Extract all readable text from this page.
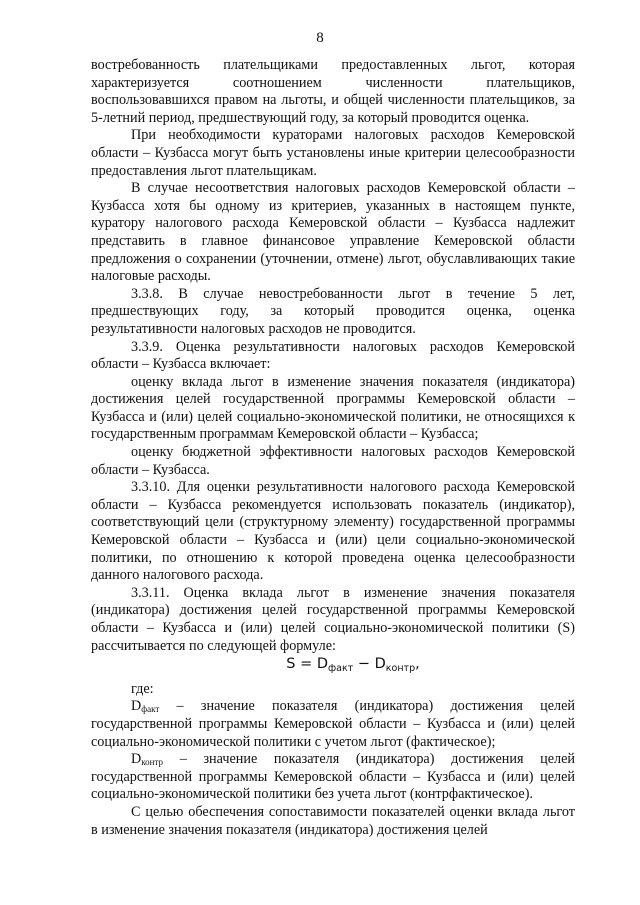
8

востребованность плательщиками предоставленных льгот, которая характеризуется соотношением численности плательщиков, воспользовавшихся правом на льготы, и общей численности плательщиков, за 5-летний период, предшествующий году, за который проводится оценка.

При необходимости кураторами налоговых расходов Кемеровской области – Кузбасса могут быть установлены иные критерии целесообразности предоставления льгот плательщикам.

В случае несоответствия налоговых расходов Кемеровской области – Кузбасса хотя бы одному из критериев, указанных в настоящем пункте, куратору налогового расхода Кемеровской области – Кузбасса надлежит представить в главное финансовое управление Кемеровской области предложения о сохранении (уточнении, отмене) льгот, обуславливающих такие налоговые расходы.

3.3.8. В случае невостребованности льгот в течение 5 лет, предшествующих году, за который проводится оценка, оценка результативности налоговых расходов не проводится.

3.3.9. Оценка результативности налоговых расходов Кемеровской области – Кузбасса включает:

оценку вклада льгот в изменение значения показателя (индикатора) достижения целей государственной программы Кемеровской области – Кузбасса и (или) целей социально-экономической политики, не относящихся к государственным программам Кемеровской области – Кузбасса;

оценку бюджетной эффективности налоговых расходов Кемеровской области – Кузбасса.

3.3.10. Для оценки результативности налогового расхода Кемеровской области – Кузбасса рекомендуется использовать показатель (индикатор), соответствующий цели (структурному элементу) государственной программы Кемеровской области – Кузбасса и (или) цели социально-экономической политики, по отношению к которой проведена оценка целесообразности данного налогового расхода.

3.3.11. Оценка вклада льгот в изменение значения показателя (индикатора) достижения целей государственной программы Кемеровской области – Кузбасса и (или) целей социально-экономической политики (S) рассчитывается по следующей формуле:

$S = D_{факт} - D_{контр}$,

где:

$D_{факт}$ – значение показателя (индикатора) достижения целей государственной программы Кемеровской области – Кузбасса и (или) целей социально-экономической политики с учетом льгот (фактическое);

$D_{контр}$ – значение показателя (индикатора) достижения целей государственной программы Кемеровской области – Кузбасса и (или) целей социально-экономической политики без учета льгот (контрфактическое).

С целью обеспечения сопоставимости показателей оценки вклада льгот в изменение значения показателя (индикатора) достижения целей
